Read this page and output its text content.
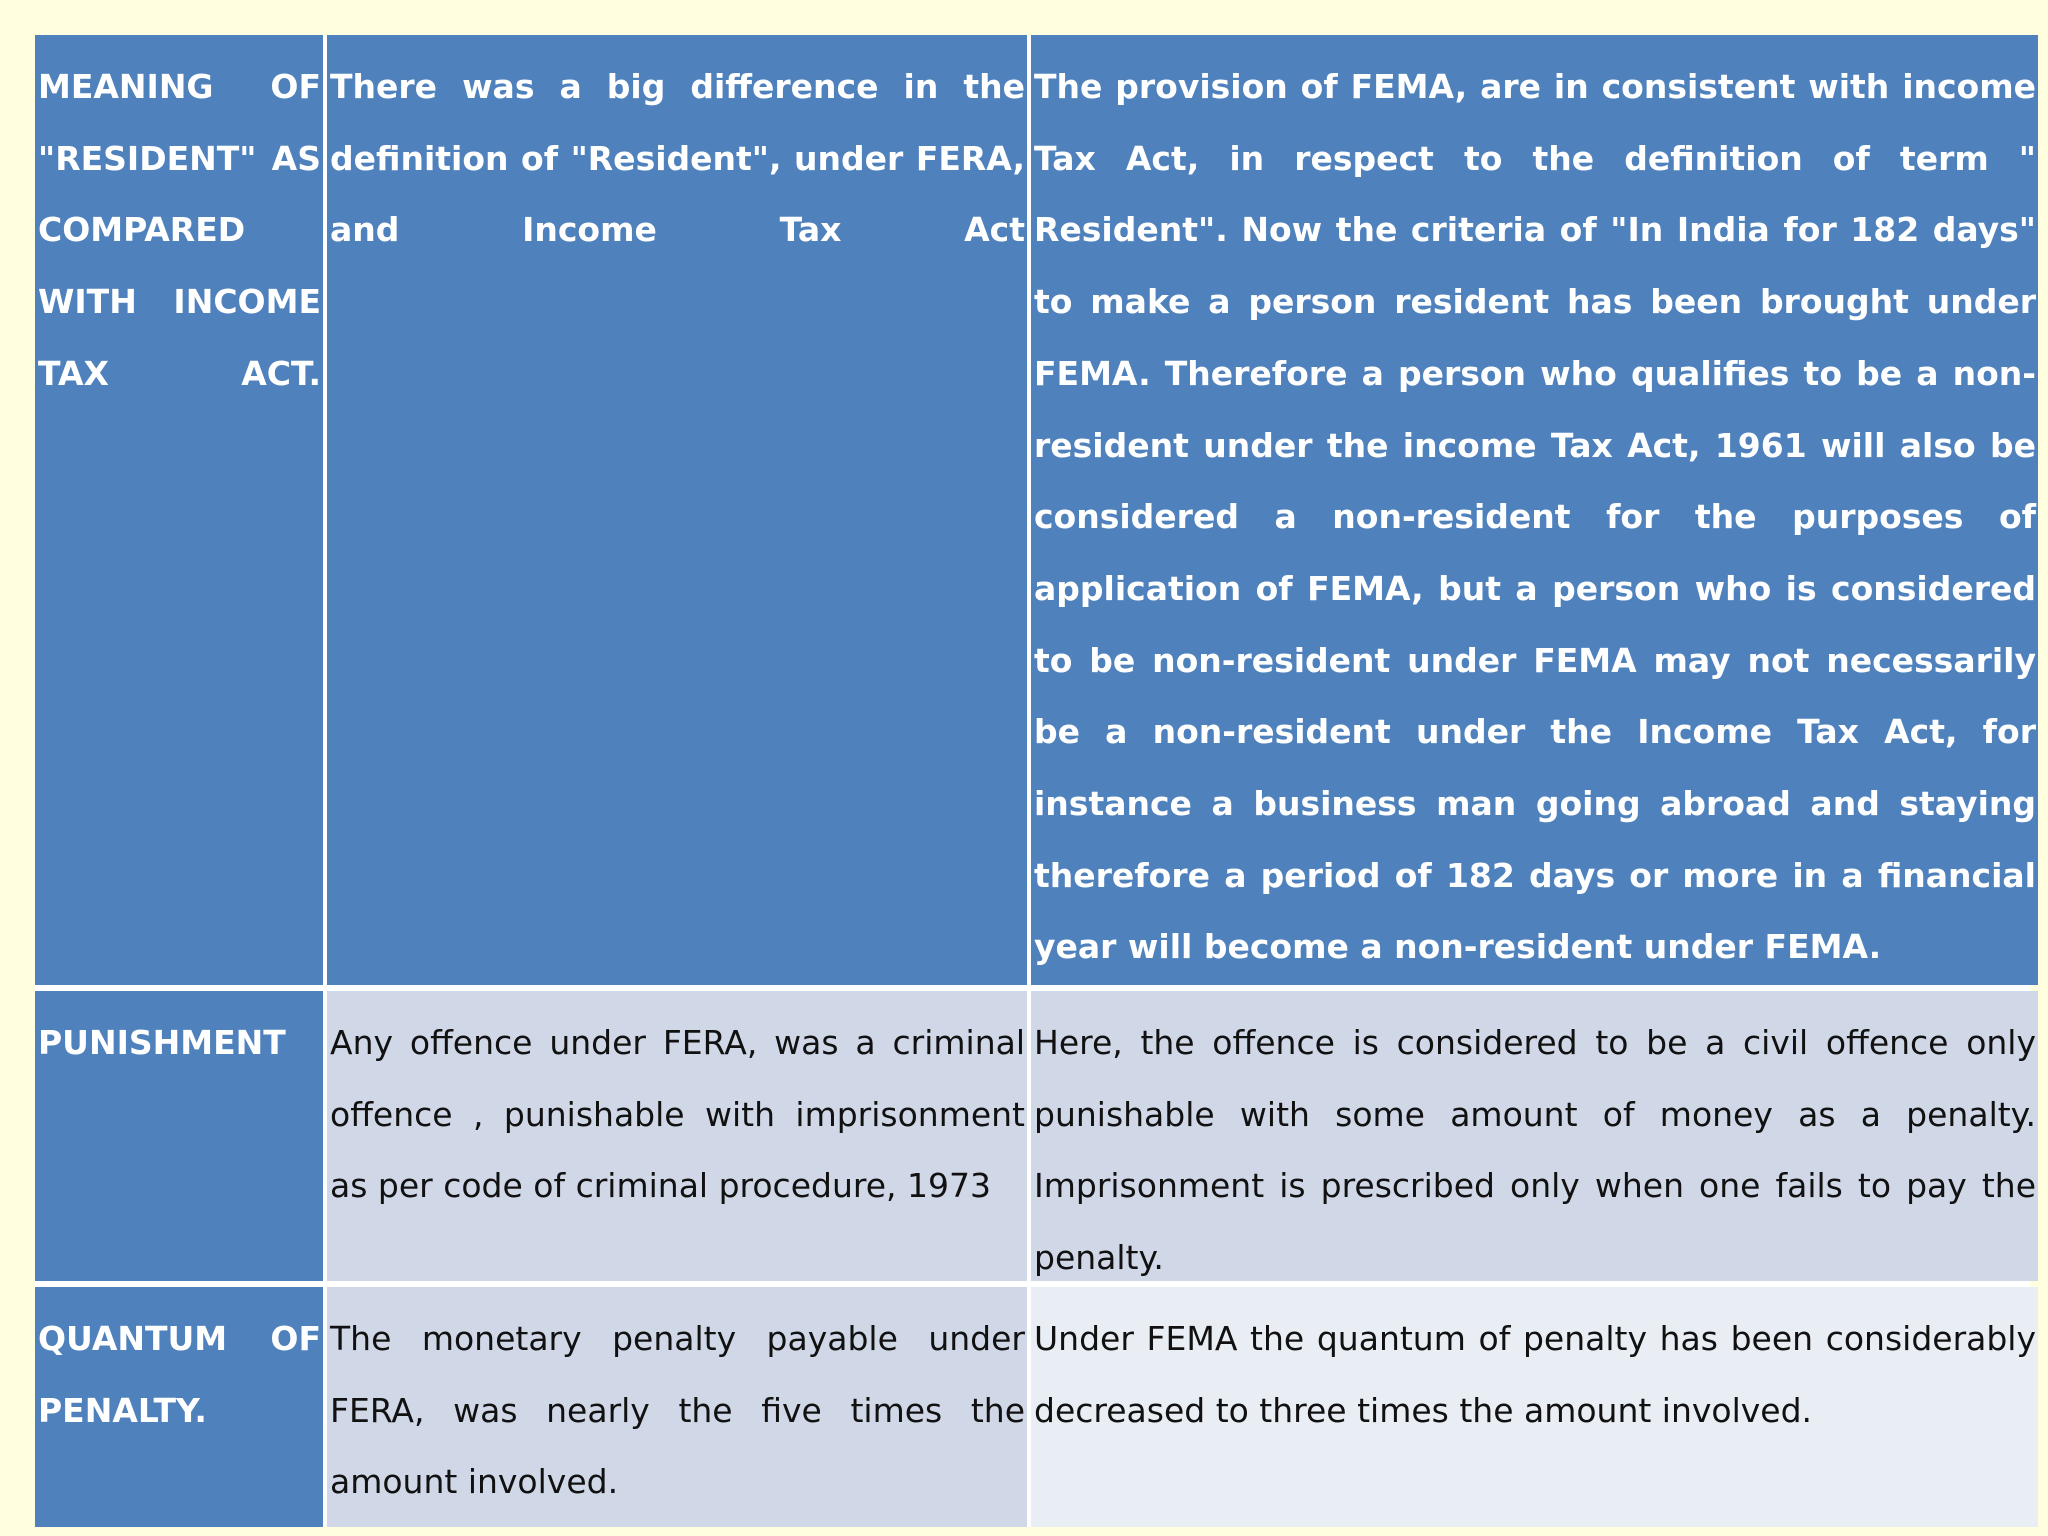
MEANING OF "RESIDENT" AS COMPARED WITH INCOME TAX ACT.
There was a big difference in the definition of "Resident", under FERA, and Income Tax Act
The provision of FEMA, are in consistent with income Tax Act, in respect to the definition of term " Resident". Now the criteria of "In India for 182 days" to make a person resident has been brought under FEMA. Therefore a person who qualifies to be a non-resident under the income Tax Act, 1961 will also be considered a non-resident for the purposes of application of FEMA, but a person who is considered to be non-resident under FEMA may not necessarily be a non-resident under the Income Tax Act, for instance a business man going abroad and staying therefore a period of 182 days or more in a financial year will become a non-resident under FEMA.
PUNISHMENT	Any offence under FERA, was a criminal offence , punishable with imprisonment as per code of criminal procedure, 1973
Here, the offence is considered to be a civil offence only punishable with some amount of money as a penalty. Imprisonment is prescribed only when one fails to pay the penalty.
QUANTUM OF PENALTY.
The monetary penalty payable under FERA, was nearly the five times the amount involved.
Under FEMA the quantum of penalty has been considerably decreased to three times the amount involved.
